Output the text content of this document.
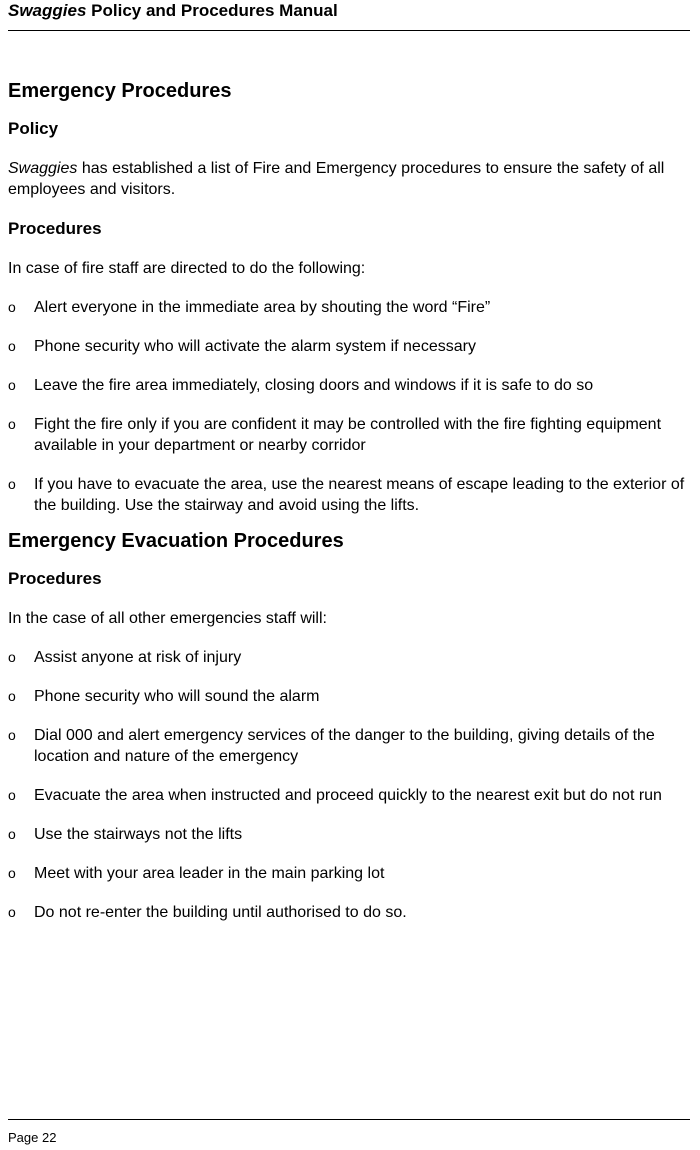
Swaggies Policy and Procedures Manual
Emergency Procedures
Policy

Swaggies has established a list of Fire and Emergency procedures to ensure the safety of all employees and visitors.

Procedures

In case of fire staff are directed to do the following:

o	Alert everyone in the immediate area by shouting the word “Fire”
o	Phone security who will activate the alarm system if necessary
o	Leave the fire area immediately, closing doors and windows if it is safe to do so
o	Fight the fire only if you are confident it may be controlled with the fire fighting equipment available in your department or nearby corridor
o	If you have to evacuate the area, use the nearest means of escape leading to the exterior of the building. Use the stairway and avoid using the lifts.
Emergency Evacuation Procedures
Procedures

In the case of all other emergencies staff will:

o	Assist anyone at risk of injury
o	Phone security who will sound the alarm
o	Dial 000 and alert emergency services of the danger to the building, giving details of the location and nature of the emergency
o	Evacuate the area when instructed and proceed quickly to the nearest exit but do not run
o	Use the stairways not the lifts
o	Meet with your area leader in the main parking lot
o	Do not re-enter the building until authorised to do so.
Page 22
